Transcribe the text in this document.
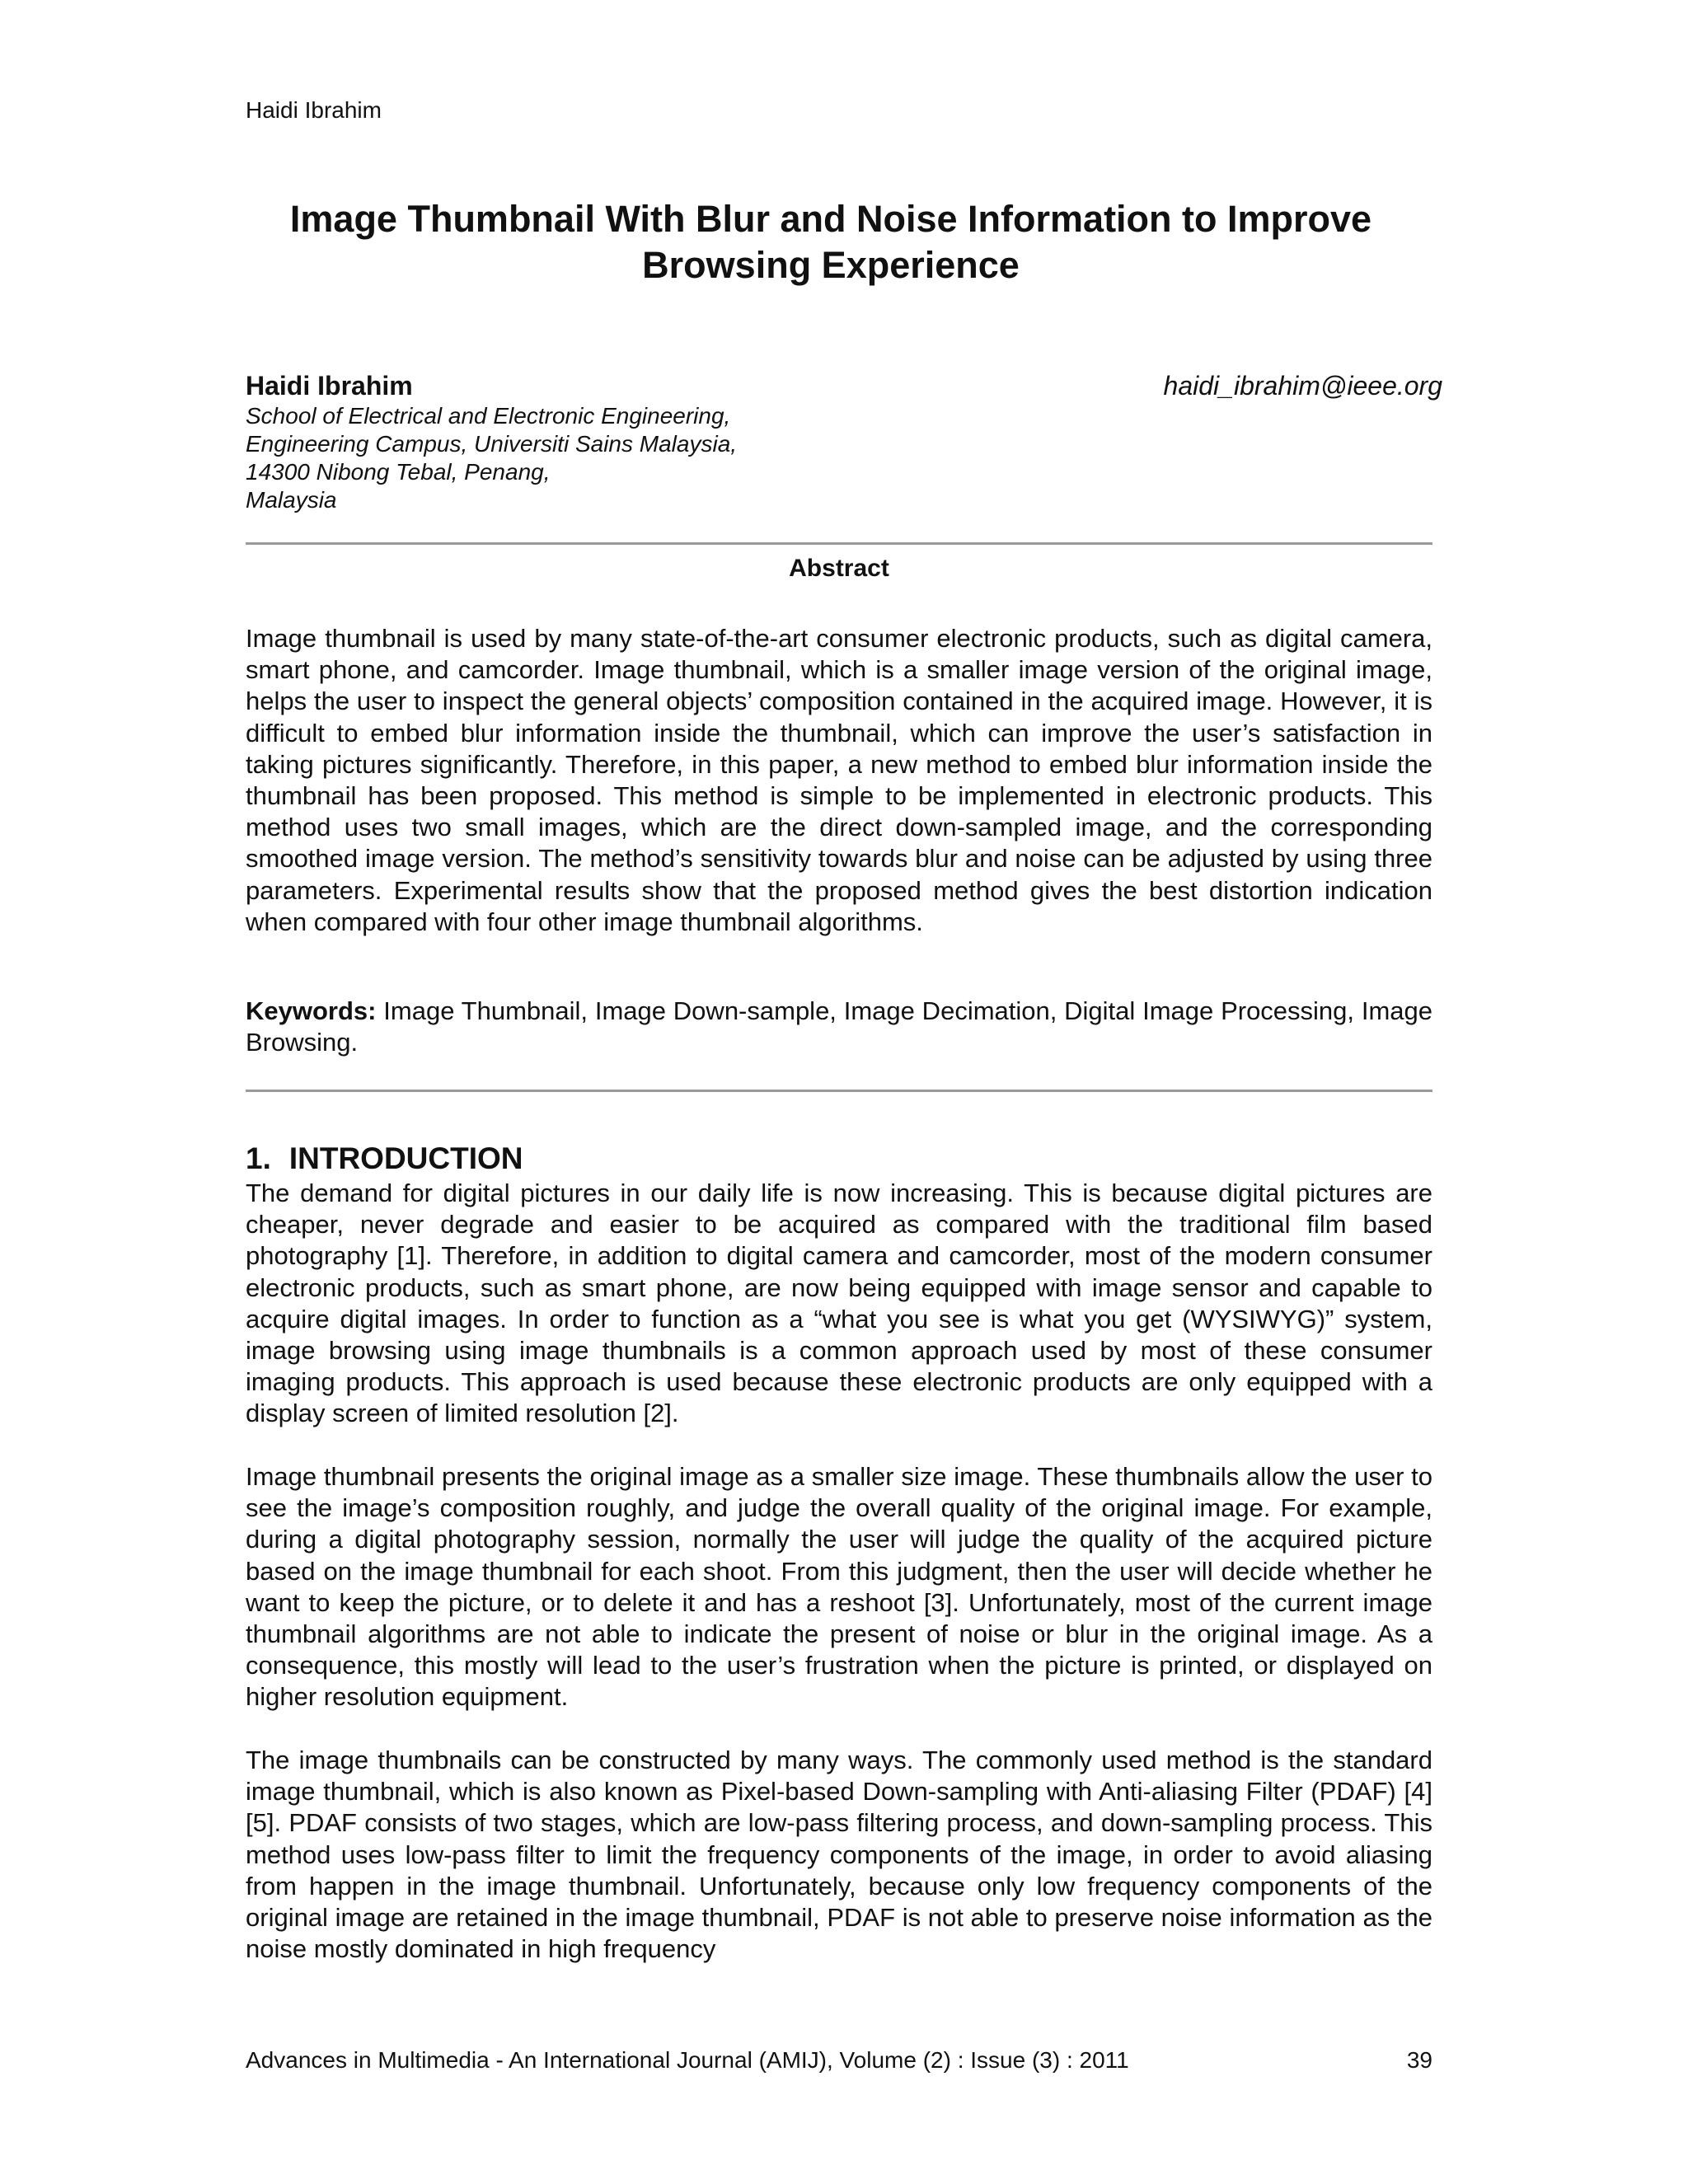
Haidi Ibrahim
Image Thumbnail With Blur and Noise Information to Improve Browsing Experience
Haidi Ibrahim
School of Electrical and Electronic Engineering,
Engineering Campus, Universiti Sains Malaysia,
14300 Nibong Tebal, Penang,
Malaysia
haidi_ibrahim@ieee.org
Abstract

Image thumbnail is used by many state-of-the-art consumer electronic products, such as digital camera, smart phone, and camcorder. Image thumbnail, which is a smaller image version of the original image, helps the user to inspect the general objects’ composition contained in the acquired image. However, it is difficult to embed blur information inside the thumbnail, which can improve the user’s satisfaction in taking pictures significantly. Therefore, in this paper, a new method to embed blur information inside the thumbnail has been proposed. This method is simple to be implemented in electronic products. This method uses two small images, which are the direct down-sampled image, and the corresponding smoothed image version. The method’s sensitivity towards blur and noise can be adjusted by using three parameters. Experimental results show that the proposed method gives the best distortion indication when compared with four other image thumbnail algorithms.

Keywords: Image Thumbnail, Image Down-sample, Image Decimation, Digital Image Processing, Image Browsing.

1. INTRODUCTION

The demand for digital pictures in our daily life is now increasing. This is because digital pictures are cheaper, never degrade and easier to be acquired as compared with the traditional film based photography [1]. Therefore, in addition to digital camera and camcorder, most of the modern consumer electronic products, such as smart phone, are now being equipped with image sensor and capable to acquire digital images. In order to function as a “what you see is what you get (WYSIWYG)” system, image browsing using image thumbnails is a common approach used by most of these consumer imaging products. This approach is used because these electronic products are only equipped with a display screen of limited resolution [2].

Image thumbnail presents the original image as a smaller size image. These thumbnails allow the user to see the image’s composition roughly, and judge the overall quality of the original image. For example, during a digital photography session, normally the user will judge the quality of the acquired picture based on the image thumbnail for each shoot. From this judgment, then the user will decide whether he want to keep the picture, or to delete it and has a reshoot [3]. Unfortunately, most of the current image thumbnail algorithms are not able to indicate the present of noise or blur in the original image. As a consequence, this mostly will lead to the user’s frustration when the picture is printed, or displayed on higher resolution equipment.

The image thumbnails can be constructed by many ways. The commonly used method is the standard image thumbnail, which is also known as Pixel-based Down-sampling with Anti-aliasing Filter (PDAF) [4][5]. PDAF consists of two stages, which are low-pass filtering process, and down-sampling process. This method uses low-pass filter to limit the frequency components of the image, in order to avoid aliasing from happen in the image thumbnail. Unfortunately, because only low frequency components of the original image are retained in the image thumbnail, PDAF is not able to preserve noise information as the noise mostly dominated in high frequency

Advances in Multimedia - An International Journal (AMIJ), Volume (2) : Issue (3) : 2011	39
